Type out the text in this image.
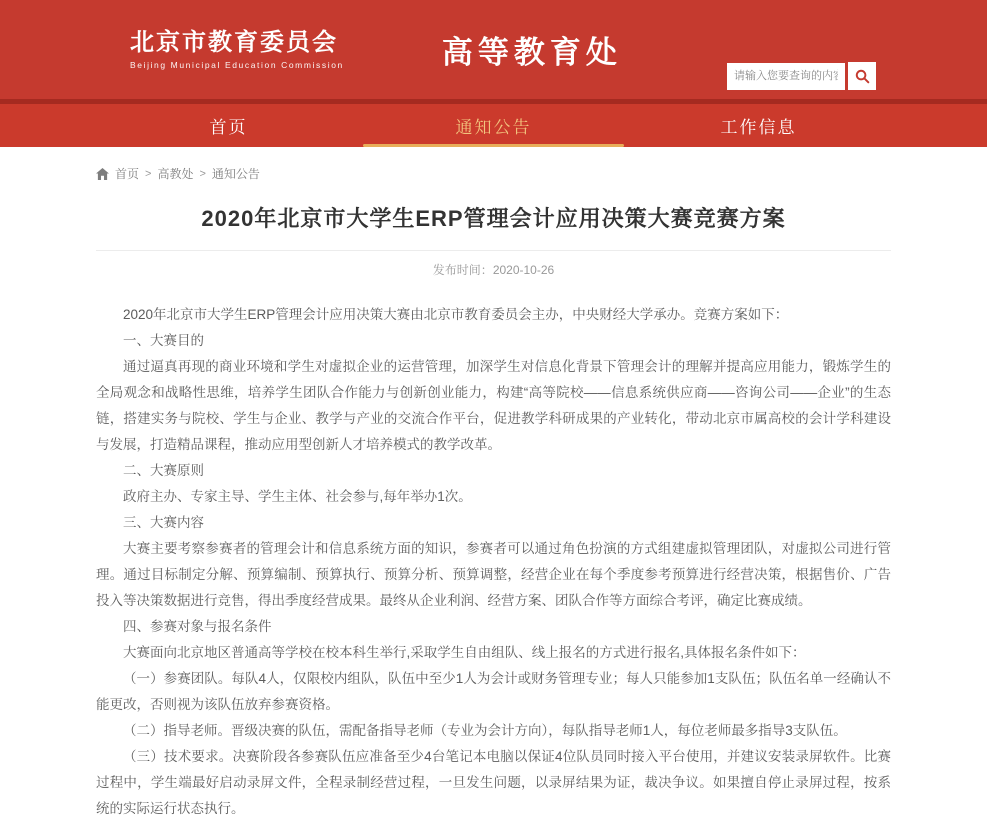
北京市教育委员会
Beijing Municipal Education Commission	高等教育处
请输入您要查询的内容
首页	通知公告	工作信息
首页 > 高教处 > 通知公告
2020年北京市大学生ERP管理会计应用决策大赛竞赛方案
发布时间：2020-10-26

2020年北京市大学生ERP管理会计应用决策大赛由北京市教育委员会主办，中央财经大学承办。竞赛方案如下：

一、大赛目的

通过逼真再现的商业环境和学生对虚拟企业的运营管理，加深学生对信息化背景下管理会计的理解并提高应用能力，锻炼学生的全局观念和战略性思维，培养学生团队合作能力与创新创业能力，构建“高等院校——信息系统供应商——咨询公司——企业”的生态链，搭建实务与院校、学生与企业、教学与产业的交流合作平台，促进教学科研成果的产业转化，带动北京市属高校的会计学科建设与发展，打造精品课程，推动应用型创新人才培养模式的教学改革。

二、大赛原则

政府主办、专家主导、学生主体、社会参与,每年举办1次。

三、大赛内容

大赛主要考察参赛者的管理会计和信息系统方面的知识，参赛者可以通过角色扮演的方式组建虚拟管理团队，对虚拟公司进行管理。通过目标制定分解、预算编制、预算执行、预算分析、预算调整，经营企业在每个季度参考预算进行经营决策，根据售价、广告投入等决策数据进行竞售，得出季度经营成果。最终从企业利润、经营方案、团队合作等方面综合考评，确定比赛成绩。

四、参赛对象与报名条件

大赛面向北京地区普通高等学校在校本科生举行,采取学生自由组队、线上报名的方式进行报名,具体报名条件如下：

（一）参赛团队。每队4人，仅限校内组队，队伍中至少1人为会计或财务管理专业；每人只能参加1支队伍；队伍名单一经确认不能更改，否则视为该队伍放弃参赛资格。

（二）指导老师。晋级决赛的队伍，需配备指导老师（专业为会计方向），每队指导老师1人，每位老师最多指导3支队伍。

（三）技术要求。决赛阶段各参赛队伍应准备至少4台笔记本电脑以保证4位队员同时接入平台使用，并建议安装录屏软件。比赛过程中，学生端最好启动录屏文件，全程录制经营过程，一旦发生问题，以录屏结果为证，裁决争议。如果擅自停止录屏过程，按系统的实际运行状态执行。
